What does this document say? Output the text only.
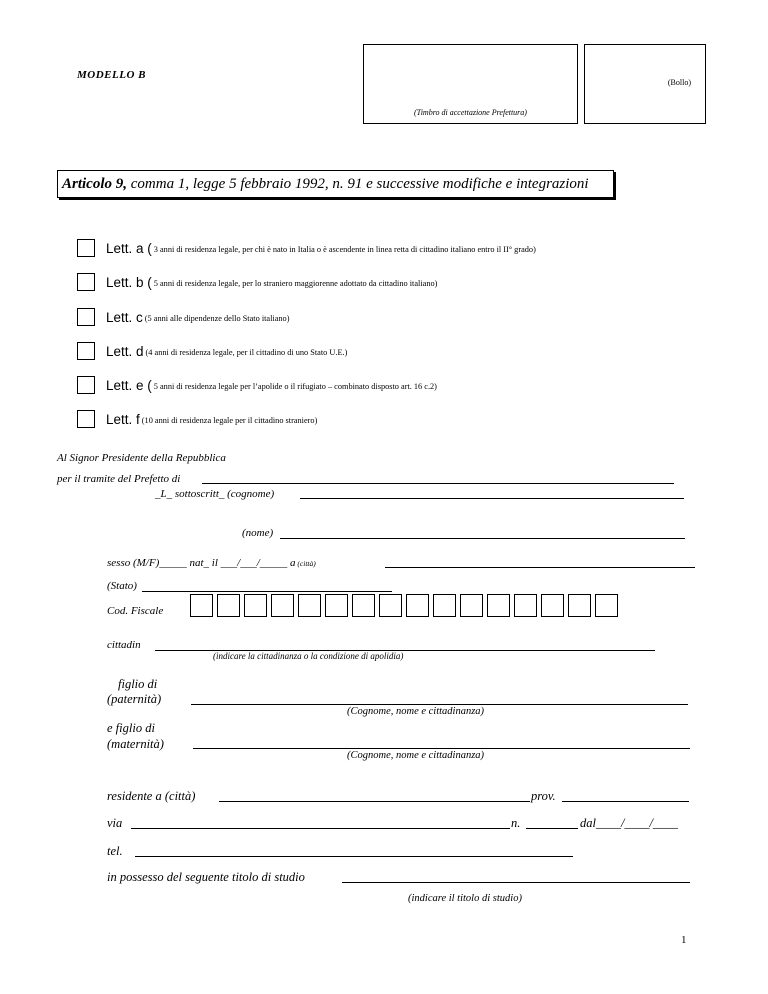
MODELLO B
(Timbro di accettazione Prefettura)
(Bollo)
Articolo 9, comma 1, legge 5 febbraio 1992, n. 91 e successive modifiche e integrazioni
Lett. a ( 3 anni di residenza legale, per chi è nato in Italia o è ascendente in linea retta di cittadino italiano entro il II° grado)
Lett. b ( 5 anni di residenza legale, per lo straniero maggiorenne adottato da cittadino italiano)
Lett. c (5 anni alle dipendenze dello Stato italiano)
Lett. d (4 anni di residenza legale, per il cittadino di uno Stato U.E.)
Lett. e ( 5 anni di residenza legale per l’apolide o il rifugiato – combinato disposto art. 16 c.2)
Lett. f (10 anni di residenza legale per il cittadino straniero)
Al Signor Presidente della Repubblica
per il tramite del Prefetto di
_L_ sottoscritt_ (cognome)
(nome)
sesso (M/F)_____ nat_ il ___/___/_____ a (città)
(Stato)
Cod. Fiscale
cittadin
(indicare la cittadinanza o la condizione di apolidia)
figlio di
(paternità)
(Cognome, nome e cittadinanza)
e figlio di
(maternità)
(Cognome, nome e cittadinanza)
residente a (città)	prov.
via	n.	dal____/____/____
tel.
in possesso del seguente titolo di studio
(indicare il titolo di studio)
1
